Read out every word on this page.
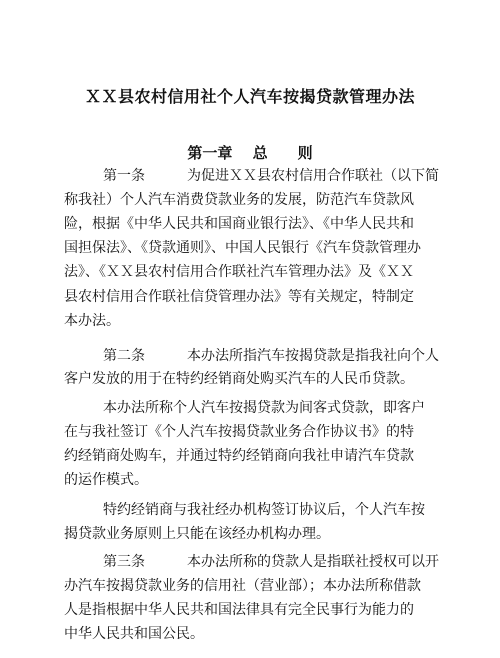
ＸＸ县农村信用社个人汽车按揭贷款管理办法
第一章　 总　　则
第一条　　　为促进ＸＸ县农村信用合作联社（以下简
称我社）个人汽车消费贷款业务的发展，防范汽车贷款风
险，根据《中华人民共和国商业银行法》、《中华人民共和
国担保法》、《贷款通则》、中国人民银行《汽车贷款管理办
法》、《ＸＸ县农村信用合作联社汽车管理办法》及《ＸＸ
县农村信用合作联社信贷管理办法》等有关规定，特制定
本办法。
第二条　　　本办法所指汽车按揭贷款是指我社向个人
客户发放的用于在特约经销商处购买汽车的人民币贷款。
本办法所称个人汽车按揭贷款为间客式贷款，即客户
在与我社签订《个人汽车按揭贷款业务合作协议书》的特
约经销商处购车，并通过特约经销商向我社申请汽车贷款
的运作模式。
特约经销商与我社经办机构签订协议后，个人汽车按
揭贷款业务原则上只能在该经办机构办理。
第三条　　　本办法所称的贷款人是指联社授权可以开
办汽车按揭贷款业务的信用社（营业部）；本办法所称借款
人是指根据中华人民共和国法律具有完全民事行为能力的
中华人民共和国公民。
